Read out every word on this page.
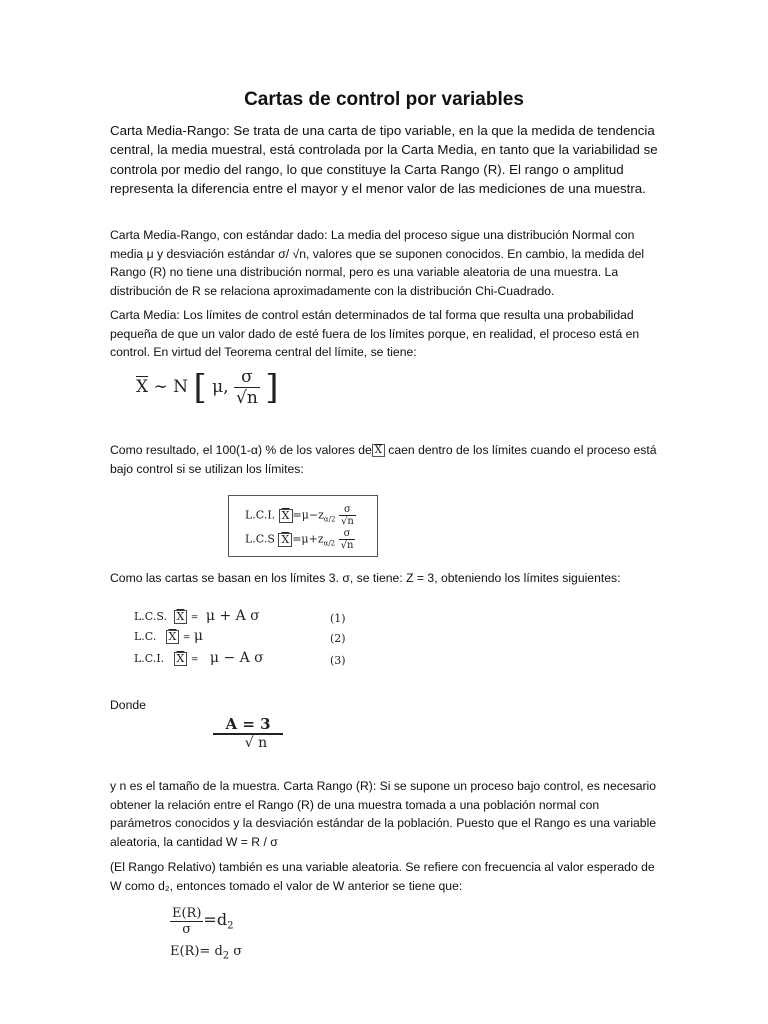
Cartas de control por variables
Carta Media-Rango: Se trata de una carta de tipo variable, en la que la medida de tendencia central, la media muestral, está controlada por la Carta Media, en tanto que la variabilidad se controla por medio del rango, lo que constituye la Carta Rango (R). El rango o amplitud representa la diferencia entre el mayor y el menor valor de las mediciones de una muestra.
Carta Media-Rango, con estándar dado: La media del proceso sigue una distribución Normal con media μ y desviación estándar σ/ √n, valores que se suponen conocidos. En cambio, la medida del Rango (R) no tiene una distribución normal, pero es una variable aleatoria de una muestra. La distribución de R se relaciona aproximadamente con la distribución Chi-Cuadrado.
Carta Media: Los límites de control están determinados de tal forma que resulta una probabilidad pequeña de que un valor dado de esté fuera de los límites porque, en realidad, el proceso está en control. En virtud del Teorema central del límite, se tiene:
$\overline{X}$ ∼ N [ μ, $\frac{\sigma}{√n}$ ]
Como resultado, el 100(1-α) % de los valores de $\overline{X}$ caen dentro de los límites cuando el proceso está bajo control si se utilizan los límites:
L.C.I. $\overline{X} =\mu-z_{\alpha/2} \frac{\sigma}{√n}$
L.C.S $\overline{X} =\mu+z_{\alpha/2} \frac{\sigma}{√n}$
Como las cartas se basan en los límites 3. σ, se tiene: Z = 3, obteniendo los límites siguientes:
L.C.S. $\overline{X} = \mu + A$ σ	(1)
L.C. $\overline{X} = \mu$	(2)
L.C.I. $\overline{X} = \mu - A$ σ	(3)
Donde
A = 3
√ n
y n es el tamaño de la muestra. Carta Rango (R): Si se supone un proceso bajo control, es necesario obtener la relación entre el Rango (R) de una muestra tomada a una población normal con parámetros conocidos y la desviación estándar de la población. Puesto que el Rango es una variable aleatoria, la cantidad W = R / σ
(El Rango Relativo) también es una variable aleatoria. Se refiere con frecuencia al valor esperado de W como d₂, entonces tomado el valor de W anterior se tiene que:
$\frac{E(R)}{\sigma} =d_2$
$E(R)= d_2$ σ
